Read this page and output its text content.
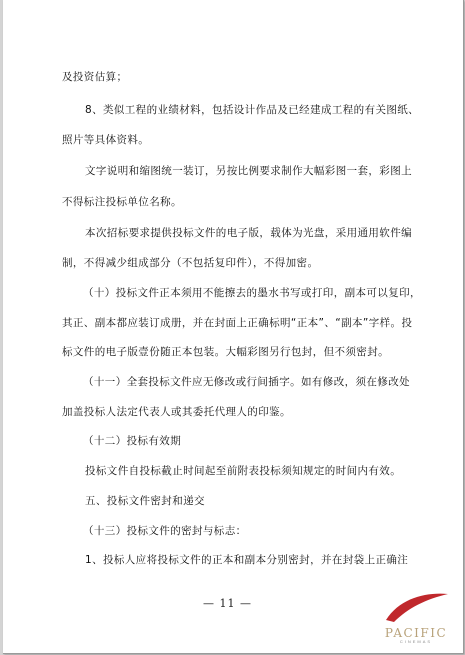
及投资估算；
8、类似工程的业绩材料，包括设计作品及已经建成工程的有关图纸、
照片等具体资料。
文字说明和缩图统一装订，另按比例要求制作大幅彩图一套，彩图上
不得标注投标单位名称。
本次招标要求提供投标文件的电子版，载体为光盘，采用通用软件编
制，不得减少组成部分（不包括复印件），不得加密。
（十）投标文件正本须用不能擦去的墨水书写或打印，副本可以复印，
其正、副本都应装订成册，并在封面上正确标明“正本”、“副本”字样。投
标文件的电子版壹份随正本包装。大幅彩图另行包封，但不须密封。
（十一）全套投标文件应无修改或行间插字。如有修改，须在修改处
加盖投标人法定代表人或其委托代理人的印鉴。
（十二）投标有效期
投标文件自投标截止时间起至前附表投标须知规定的时间内有效。
五、投标文件密封和递交
（十三）投标文件的密封与标志：
1、投标人应将投标文件的正本和副本分别密封，并在封袋上正确注
— 11 —
PACIFIC
CINEMAS
